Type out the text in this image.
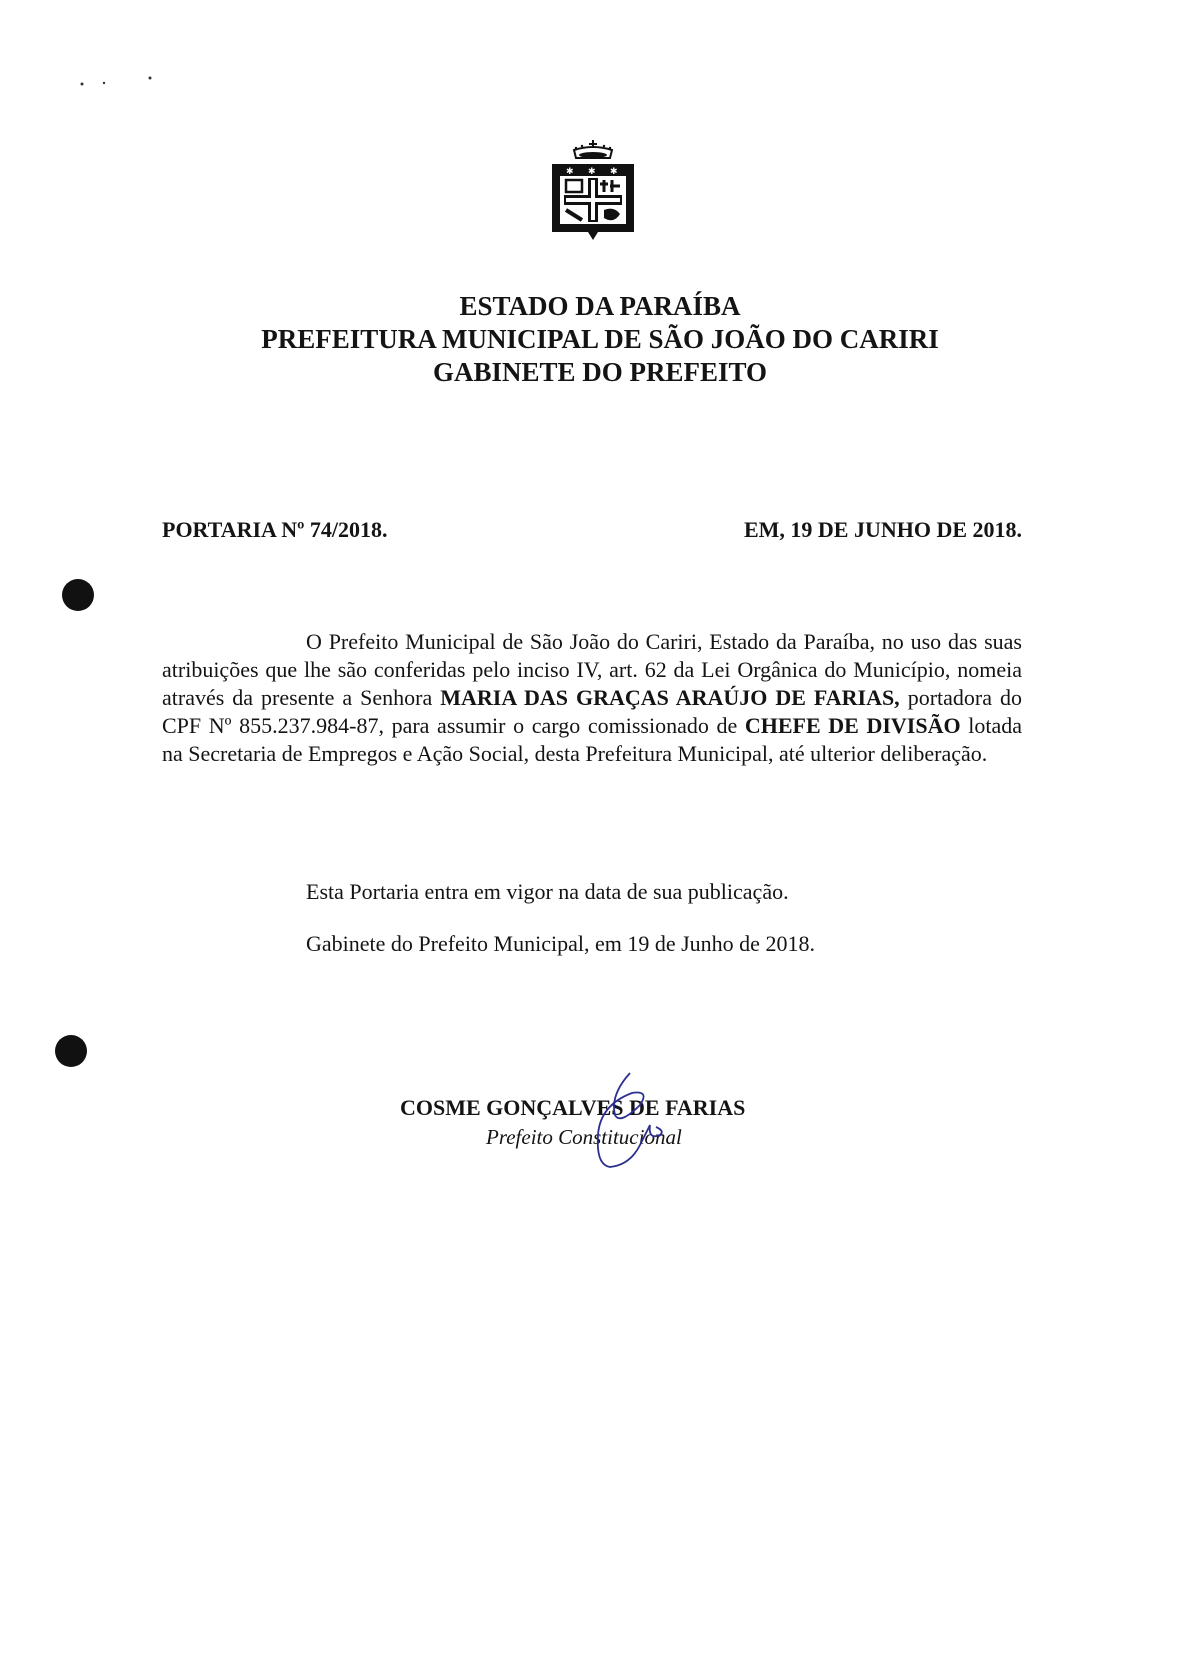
✱ ✱ ✱
ESTADO DA PARAÍBA
PREFEITURA MUNICIPAL DE SÃO JOÃO DO CARIRI
GABINETE DO PREFEITO
PORTARIA Nº 74/2018.	EM, 19 DE JUNHO DE 2018.

O Prefeito Municipal de São João do Cariri, Estado da Paraíba, no uso das suas atribuições que lhe são conferidas pelo inciso IV, art. 62 da Lei Orgânica do Município, nomeia através da presente a Senhora MARIA DAS GRAÇAS ARAÚJO DE FARIAS, portadora do CPF Nº 855.237.984-87, para assumir o cargo comissionado de CHEFE DE DIVISÃO lotada na Secretaria de Empregos e Ação Social, desta Prefeitura Municipal, até ulterior deliberação.

Esta Portaria entra em vigor na data de sua publicação.
Gabinete do Prefeito Municipal, em 19 de Junho de 2018.
COSME GONÇALVES DE FARIAS
Prefeito Constitucional
